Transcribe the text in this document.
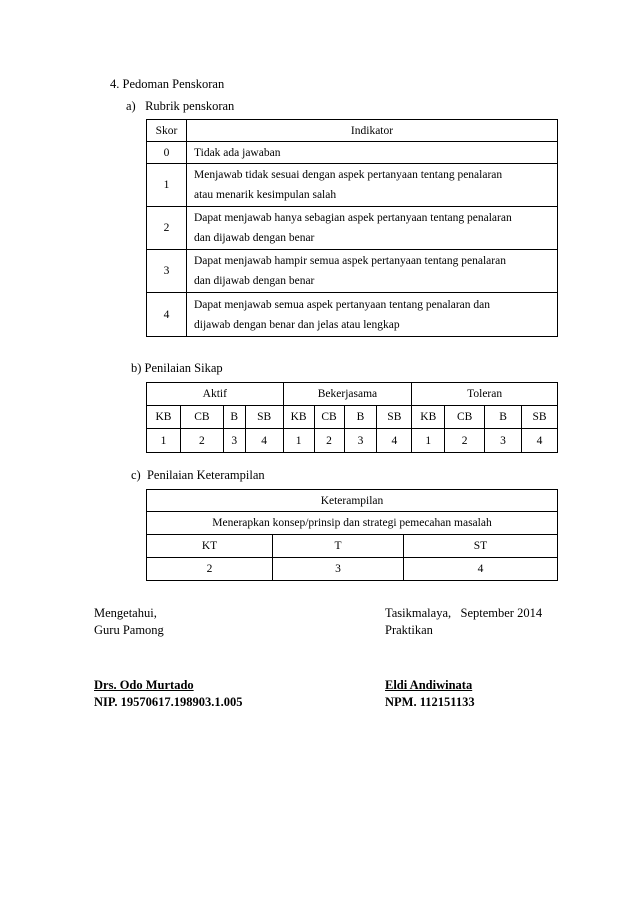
4. Pedoman Penskoran
a)   Rubrik penskoran
Skor	Indikator
0	Tidak ada jawaban

1	Menjawab tidak sesuai dengan aspek pertanyaan tentang penalaran
atau menarik kesimpulan salah

2	Dapat menjawab hanya sebagian aspek pertanyaan tentang penalaran
dan dijawab dengan benar

3	Dapat menjawab hampir semua aspek pertanyaan tentang penalaran
dan dijawab dengan benar

4	Dapat menjawab semua aspek pertanyaan tentang penalaran dan
dijawab dengan benar dan jelas atau lengkap
b) Penilaian Sikap
Aktif				Bekerjasama				Toleran			
KB	CB	B	SB	KB	CB	B	SB	KB	CB	B	SB
1	2	3	4	1	2	3	4	1	2	3	4
c)  Penilaian Keterampilan
Keterampilan		
Menerapkan konsep/prinsip dan strategi pemecahan masalah		
KT	T	ST
2	3	4
Mengetahui,
Guru Pamong
Tasikmalaya,   September 2014
Praktikan
Drs. Odo Murtado
NIP. 19570617.198903.1.005
Eldi Andiwinata
NPM. 112151133
